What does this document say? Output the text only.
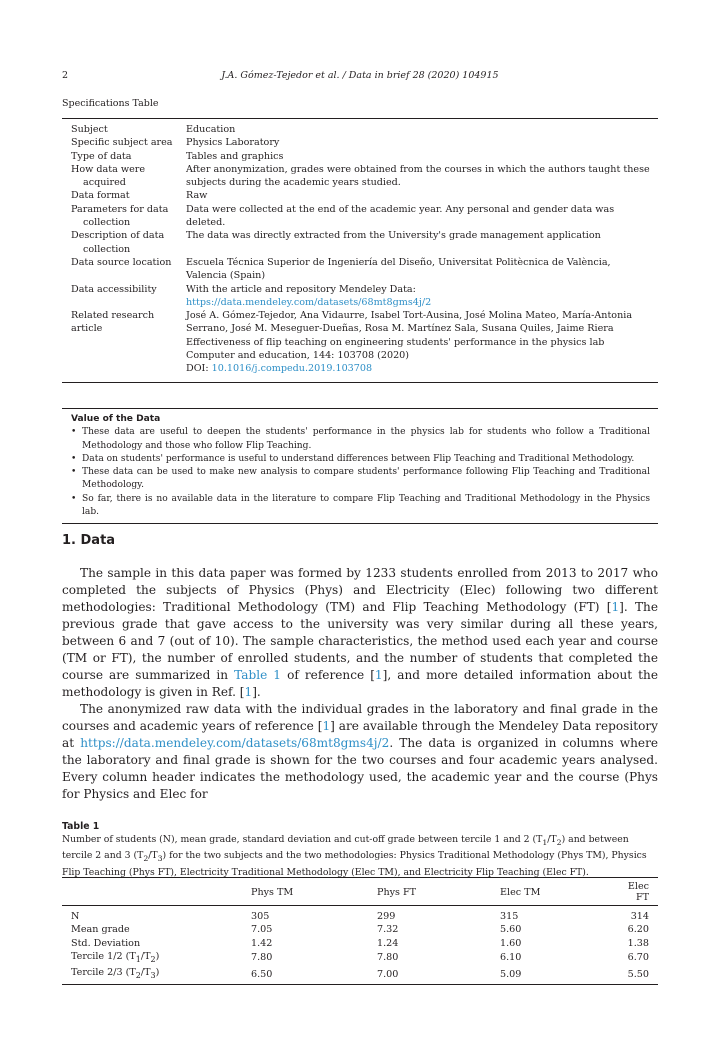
2	J.A. Gómez-Tejedor et al. / Data in brief 28 (2020) 104915
Specifications Table
Subject	Education
Specific subject area	Physics Laboratory
Type of data	Tables and graphics
How data were
acquired	After anonymization, grades were obtained from the courses in which the authors taught these subjects during the academic years studied.
Data format	Raw
Parameters for data
collection	Data were collected at the end of the academic year. Any personal and gender data was deleted.
Description of data
collection	The data was directly extracted from the University's grade management application
Data source location	Escuela Técnica Superior de Ingeniería del Diseño, Universitat Politècnica de València, Valencia (Spain)
Data accessibility	With the article and repository Mendeley Data: https://data.mendeley.com/datasets/68mt8gms4j/2
Related research article	José A. Gómez-Tejedor, Ana Vidaurre, Isabel Tort-Ausina, José Molina Mateo, María-Antonia Serrano, José M. Meseguer-Dueñas, Rosa M. Martínez Sala, Susana Quiles, Jaime Riera
Effectiveness of flip teaching on engineering students' performance in the physics lab
Computer and education, 144: 103708 (2020)
DOI: 10.1016/j.compedu.2019.103708
Value of the Data
• These data are useful to deepen the students' performance in the physics lab for students who follow a Traditional Methodology and those who follow Flip Teaching.
• Data on students' performance is useful to understand differences between Flip Teaching and Traditional Methodology.
• These data can be used to make new analysis to compare students' performance following Flip Teaching and Traditional Methodology.
• So far, there is no available data in the literature to compare Flip Teaching and Traditional Methodology in the Physics lab.
1. Data

The sample in this data paper was formed by 1233 students enrolled from 2013 to 2017 who completed the subjects of Physics (Phys) and Electricity (Elec) following two different methodologies: Traditional Methodology (TM) and Flip Teaching Methodology (FT) [1]. The previous grade that gave access to the university was very similar during all these years, between 6 and 7 (out of 10). The sample characteristics, the method used each year and course (TM or FT), the number of enrolled students, and the number of students that completed the course are summarized in Table 1 of reference [1], and more detailed information about the methodology is given in Ref. [1].

The anonymized raw data with the individual grades in the laboratory and final grade in the courses and academic years of reference [1] are available through the Mendeley Data repository at https://data.mendeley.com/datasets/68mt8gms4j/2. The data is organized in columns where the laboratory and final grade is shown for the two courses and four academic years analysed. Every column header indicates the methodology used, the academic year and the course (Phys for Physics and Elec for

Table 1
Number of students (N), mean grade, standard deviation and cut-off grade between tercile 1 and 2 $(T_1/T_2)$ and between tercile 2 and 3 $(T_2/T_3)$ for the two subjects and the two methodologies: Physics Traditional Methodology (Phys TM), Physics Flip Teaching (Phys FT), Electricity Traditional Methodology (Elec TM), and Electricity Flip Teaching (Elec FT).
	Phys TM	Phys FT	Elec TM	Elec FT
N	305	299	315	314
Mean grade	7.05	7.32	5.60	6.20
Std. Deviation	1.42	1.24	1.60	1.38
Tercile 1/2 $(T_1/T_2)$	7.80	7.80	6.10	6.70
Tercile 2/3 $(T_2/T_3)$	6.50	7.00	5.09	5.50
